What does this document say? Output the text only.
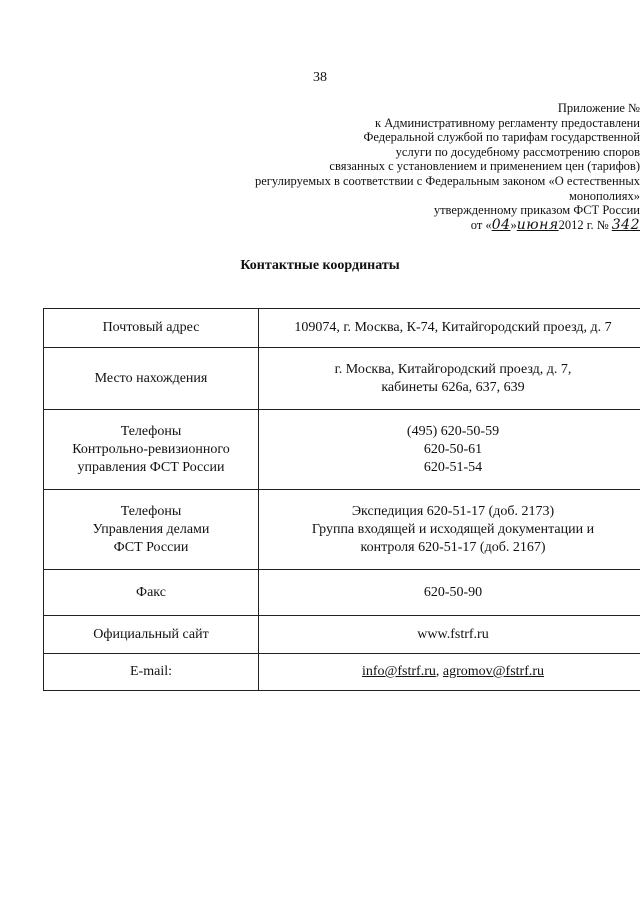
38
Приложение №
к Административному регламенту предоставлени
Федеральной службой по тарифам государственной
услуги по досудебному рассмотрению споров
связанных с установлением и применением цен (тарифов)
регулируемых в соответствии с Федеральным законом «О естественных
монополиях»
утвержденному приказом ФСТ России
от «04»июня2012 г. № 342
Контактные координаты
Почтовый адрес	109074, г. Москва, К-74, Китайгородский проезд, д. 7
Место нахождения	г. Москва, Китайгородский проезд, д. 7,
кабинеты 626а, 637, 639

Телефоны
Контрольно-ревизионного
управления ФСТ России	(495) 620-50-59
620-50-61
620-51-54

Телефоны
Управления делами
ФСТ России	Экспедиция 620-51-17 (доб. 2173)
Группа входящей и исходящей документации и
контроля 620-51-17 (доб. 2167)

Факс	620-50-90
Официальный сайт	www.fstrf.ru
E-mail:	info@fstrf.ru, agromov@fstrf.ru
